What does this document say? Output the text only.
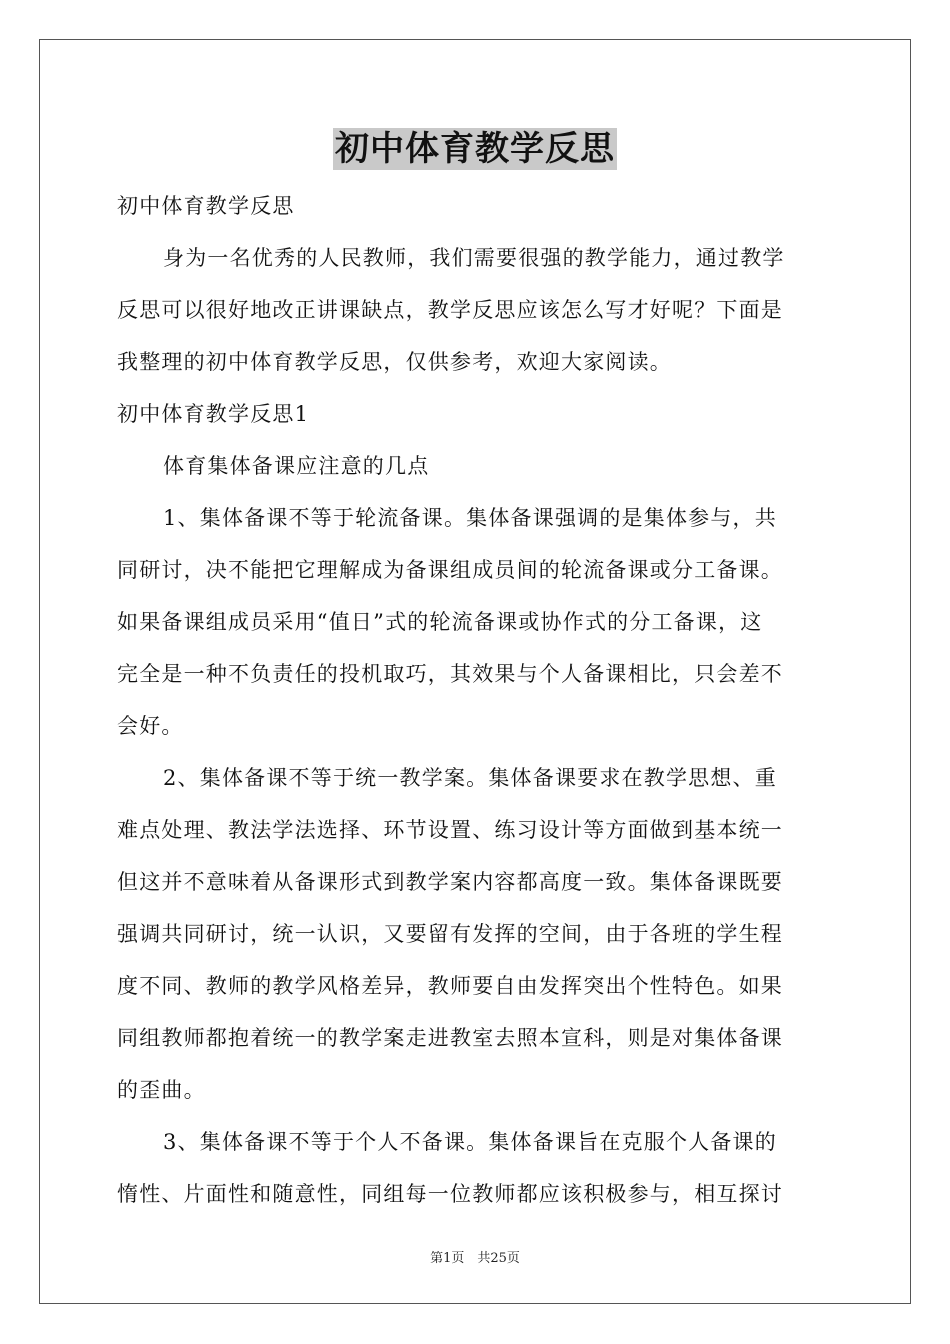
初中体育教学反思
初中体育教学反思
身为一名优秀的人民教师，我们需要很强的教学能力，通过教学
反思可以很好地改正讲课缺点，教学反思应该怎么写才好呢？下面是
我整理的初中体育教学反思，仅供参考，欢迎大家阅读。
初中体育教学反思1
体育集体备课应注意的几点
1、集体备课不等于轮流备课。集体备课强调的是集体参与，共
同研讨，决不能把它理解成为备课组成员间的轮流备课或分工备课。
如果备课组成员采用“值日”式的轮流备课或协作式的分工备课，这
完全是一种不负责任的投机取巧，其效果与个人备课相比，只会差不
会好。
2、集体备课不等于统一教学案。集体备课要求在教学思想、重
难点处理、教法学法选择、环节设置、练习设计等方面做到基本统一
但这并不意味着从备课形式到教学案内容都高度一致。集体备课既要
强调共同研讨，统一认识，又要留有发挥的空间，由于各班的学生程
度不同、教师的教学风格差异，教师要自由发挥突出个性特色。如果
同组教师都抱着统一的教学案走进教室去照本宣科，则是对集体备课
的歪曲。
3、集体备课不等于个人不备课。集体备课旨在克服个人备课的
惰性、片面性和随意性，同组每一位教师都应该积极参与，相互探讨
第1页　共25页
